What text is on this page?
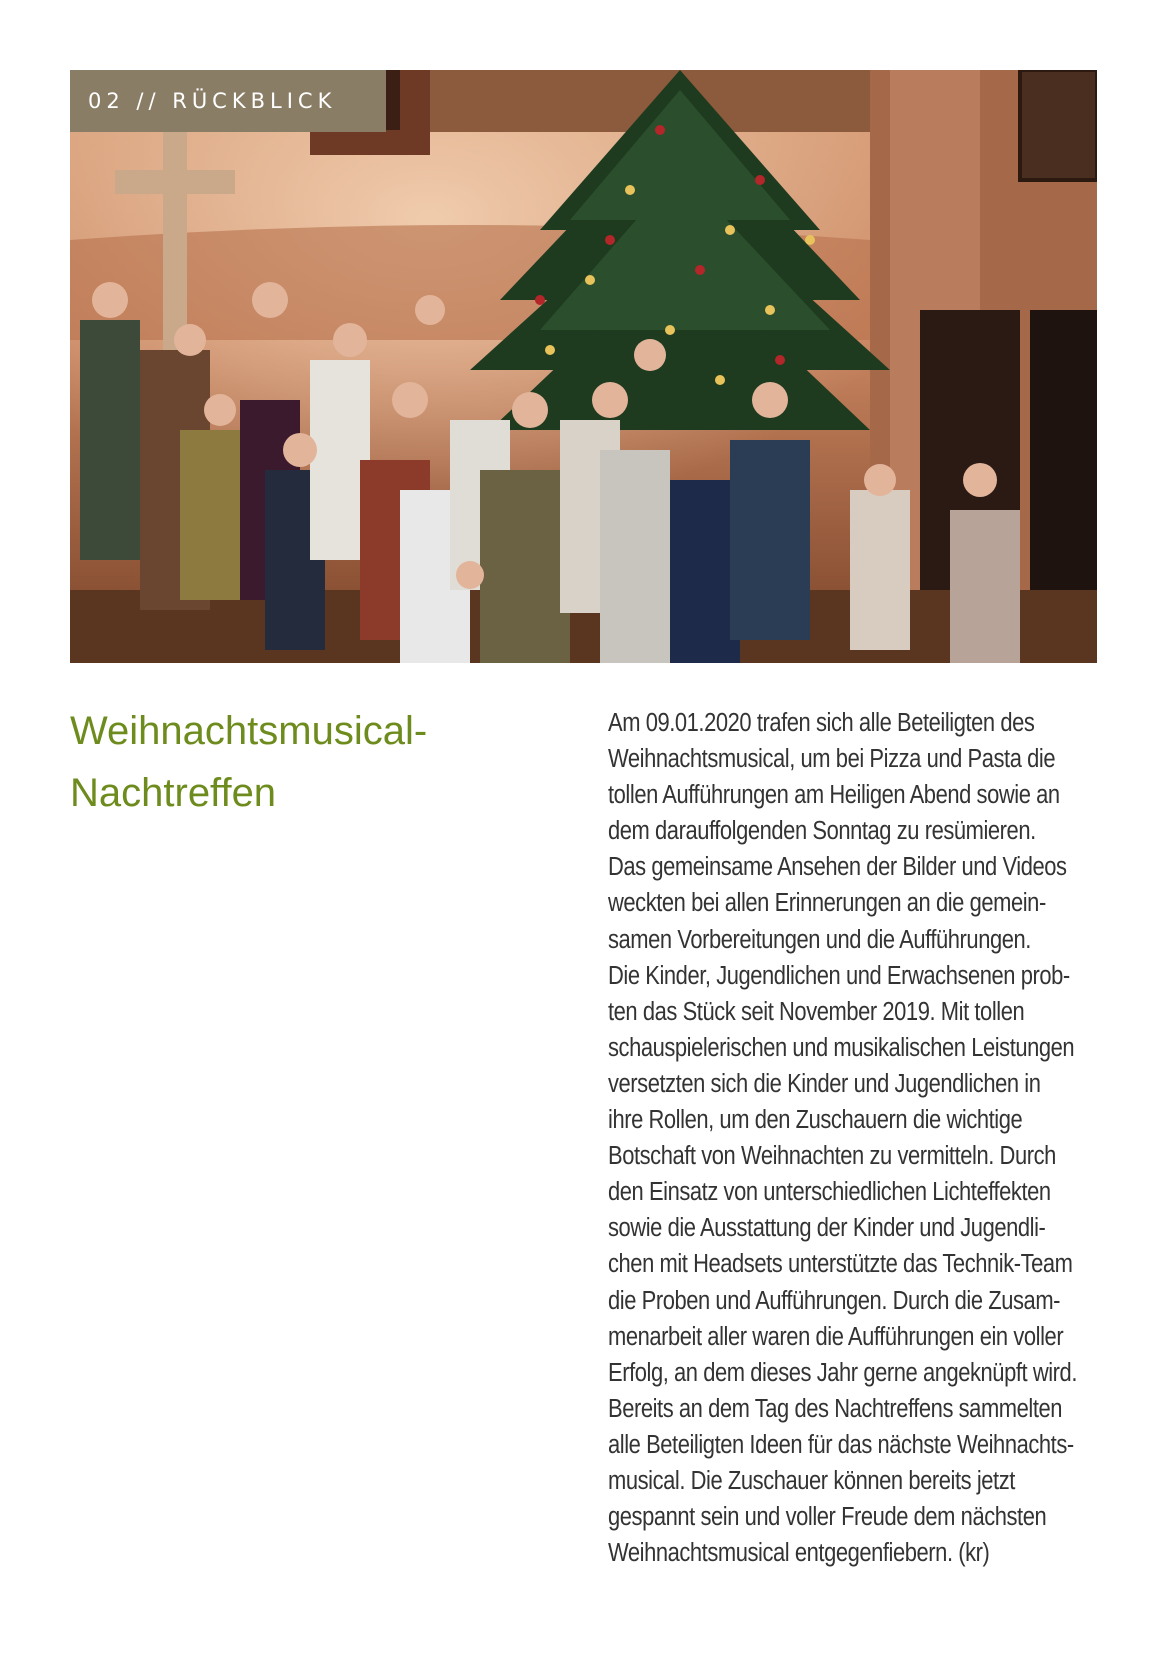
02 // RÜCKBLICK
Weihnachtsmusical-
Nachtreffen
Am 09.01.2020 trafen sich alle Beteiligten des
Weihnachtsmusical, um bei Pizza und Pasta die
tollen Aufführungen am Heiligen Abend sowie an
dem darauffolgenden Sonntag zu resümieren.
Das gemeinsame Ansehen der Bilder und Videos
weckten bei allen Erinnerungen an die gemein-
samen Vorbereitungen und die Aufführungen.
Die Kinder, Jugendlichen und Erwachsenen prob-
ten das Stück seit November 2019. Mit tollen
schauspielerischen und musikalischen Leistungen
versetzten sich die Kinder und Jugendlichen in
ihre Rollen, um den Zuschauern die wichtige
Botschaft von Weihnachten zu vermitteln. Durch
den Einsatz von unterschiedlichen Lichteffekten
sowie die Ausstattung der Kinder und Jugendli-
chen mit Headsets unterstützte das Technik-Team
die Proben und Aufführungen. Durch die Zusam-
menarbeit aller waren die Aufführungen ein voller
Erfolg, an dem dieses Jahr gerne angeknüpft wird.
Bereits an dem Tag des Nachtreffens sammelten
alle Beteiligten Ideen für das nächste Weihnachts-
musical. Die Zuschauer können bereits jetzt
gespannt sein und voller Freude dem nächsten
Weihnachtsmusical entgegenfiebern. (kr)
